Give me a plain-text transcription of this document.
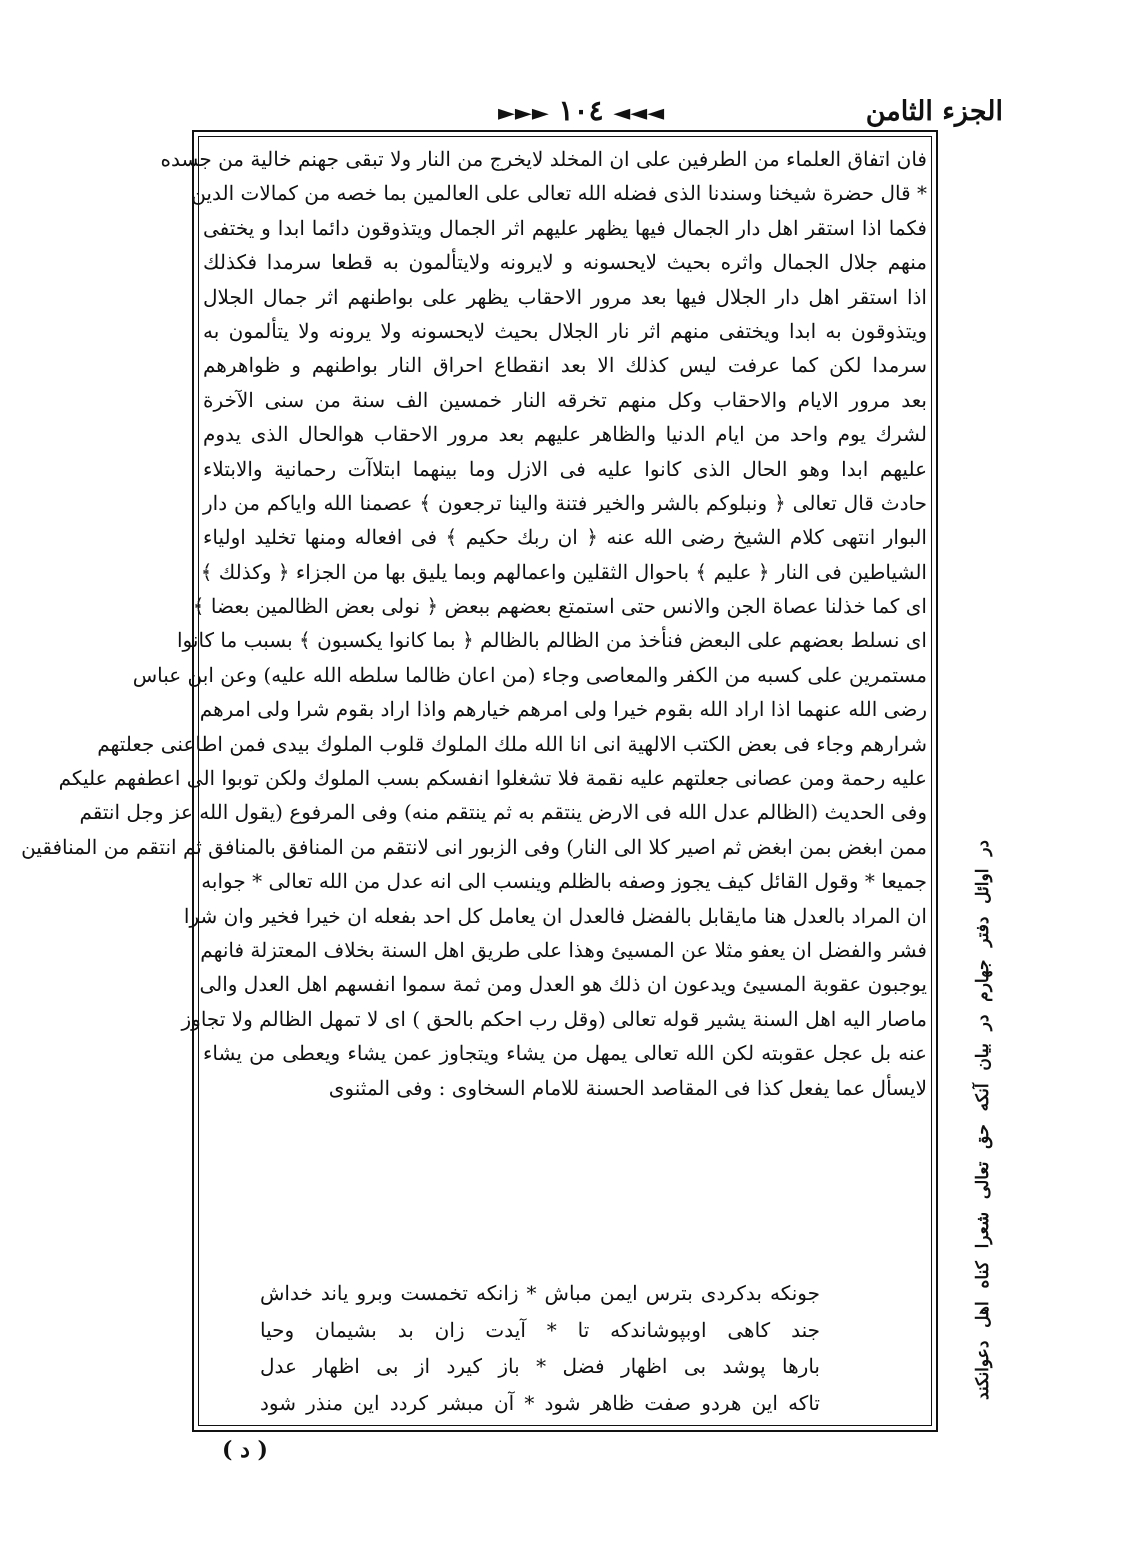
الجزء الثامن
◄◄◄ ١٠٤ ►►►
فان اتفاق العلماء من الطرفين على ان المخلد لايخرج من النار ولا تبقى جهنم خالية من جسده
* قال حضرة شيخنا وسندنا الذى فضله الله تعالى على العالمين بما خصه من كمالات الدين
فكما اذا استقر اهل دار الجمال فيها يظهر عليهم اثر الجمال ويتذوقون دائما ابدا و يختفى
منهم جلال الجمال واثره بحيث لايحسونه و لايرونه ولايتألمون به قطعا سرمدا فكذلك
اذا استقر اهل دار الجلال فيها بعد مرور الاحقاب يظهر على بواطنهم اثر جمال الجلال
ويتذوقون به ابدا ويختفى منهم اثر نار الجلال بحيث لايحسونه ولا يرونه ولا يتألمون به
سرمدا لكن كما عرفت ليس كذلك الا بعد انقطاع احراق النار بواطنهم و ظواهرهم
بعد مرور الايام والاحقاب وكل منهم تخرقه النار خمسين الف سنة من سنى الآخرة
لشرك يوم واحد من ايام الدنيا والظاهر عليهم بعد مرور الاحقاب هوالحال الذى يدوم
عليهم ابدا وهو الحال الذى كانوا عليه فى الازل وما بينهما ابتلاآت رحمانية والابتلاء
حادث قال تعالى ﴿ ونبلوكم بالشر والخير فتنة والينا ترجعون ﴾ عصمنا الله واياكم من دار
البوار انتهى كلام الشيخ رضى الله عنه ﴿ ان ربك حكيم ﴾ فى افعاله ومنها تخليد اولياء
الشياطين فى النار ﴿ عليم ﴾ باحوال الثقلين واعمالهم وبما يليق بها من الجزاء ﴿ وكذلك ﴾
اى كما خذلنا عصاة الجن والانس حتى استمتع بعضهم ببعض ﴿ نولى بعض الظالمين بعضا ﴾
اى نسلط بعضهم على البعض فنأخذ من الظالم بالظالم ﴿ بما كانوا يكسبون ﴾ بسبب ما كانوا
مستمرين على كسبه من الكفر والمعاصى وجاء (من اعان ظالما سلطه الله عليه) وعن ابن عباس
رضى الله عنهما اذا اراد الله بقوم خيرا ولى امرهم خيارهم واذا اراد بقوم شرا ولى امرهم
شرارهم وجاء فى بعض الكتب الالهية انى انا الله ملك الملوك قلوب الملوك بيدى فمن اطاعنى جعلتهم
عليه رحمة ومن عصانى جعلتهم عليه نقمة فلا تشغلوا انفسكم بسب الملوك ولكن توبوا الى اعطفهم عليكم
وفى الحديث (الظالم عدل الله فى الارض ينتقم به ثم ينتقم منه) وفى المرفوع (يقول الله عز وجل انتقم
ممن ابغض بمن ابغض ثم اصير كلا الى النار) وفى الزبور انى لانتقم من المنافق بالمنافق ثم انتقم من المنافقين
جميعا * وقول القائل كيف يجوز وصفه بالظلم وينسب الى انه عدل من الله تعالى * جوابه
ان المراد بالعدل هنا مايقابل بالفضل فالعدل ان يعامل كل احد بفعله ان خيرا فخير وان شرا
فشر والفضل ان يعفو مثلا عن المسيئ وهذا على طريق اهل السنة بخلاف المعتزلة فانهم
يوجبون عقوبة المسيئ ويدعون ان ذلك هو العدل ومن ثمة سموا انفسهم اهل العدل والى
ماصار اليه اهل السنة يشير قوله تعالى (وقل رب احكم بالحق ) اى لا تمهل الظالم ولا تجاوز
عنه بل عجل عقوبته لكن الله تعالى يمهل من يشاء ويتجاوز عمن يشاء ويعطى من يشاء
لايسأل عما يفعل كذا فى المقاصد الحسنة للامام السخاوى : وفى المثنوى
جونكه بدكردى بترس ايمن مباش * زانكه تخمست وبرو ياند خداش
جند كاهى اوبپوشاندكه تا * آيدت زان بد بشيمان وحيا
بارها پوشد بى اظهار فضل * باز كيرد از بى اظهار عدل
تاكه اين هردو صفت ظاهر شود * آن مبشر كردد اين منذر شود
در اوائل دفتر جهارم در بيان آنكه حق تعالى شعرا كناه اهل دعوانكند
( د )
